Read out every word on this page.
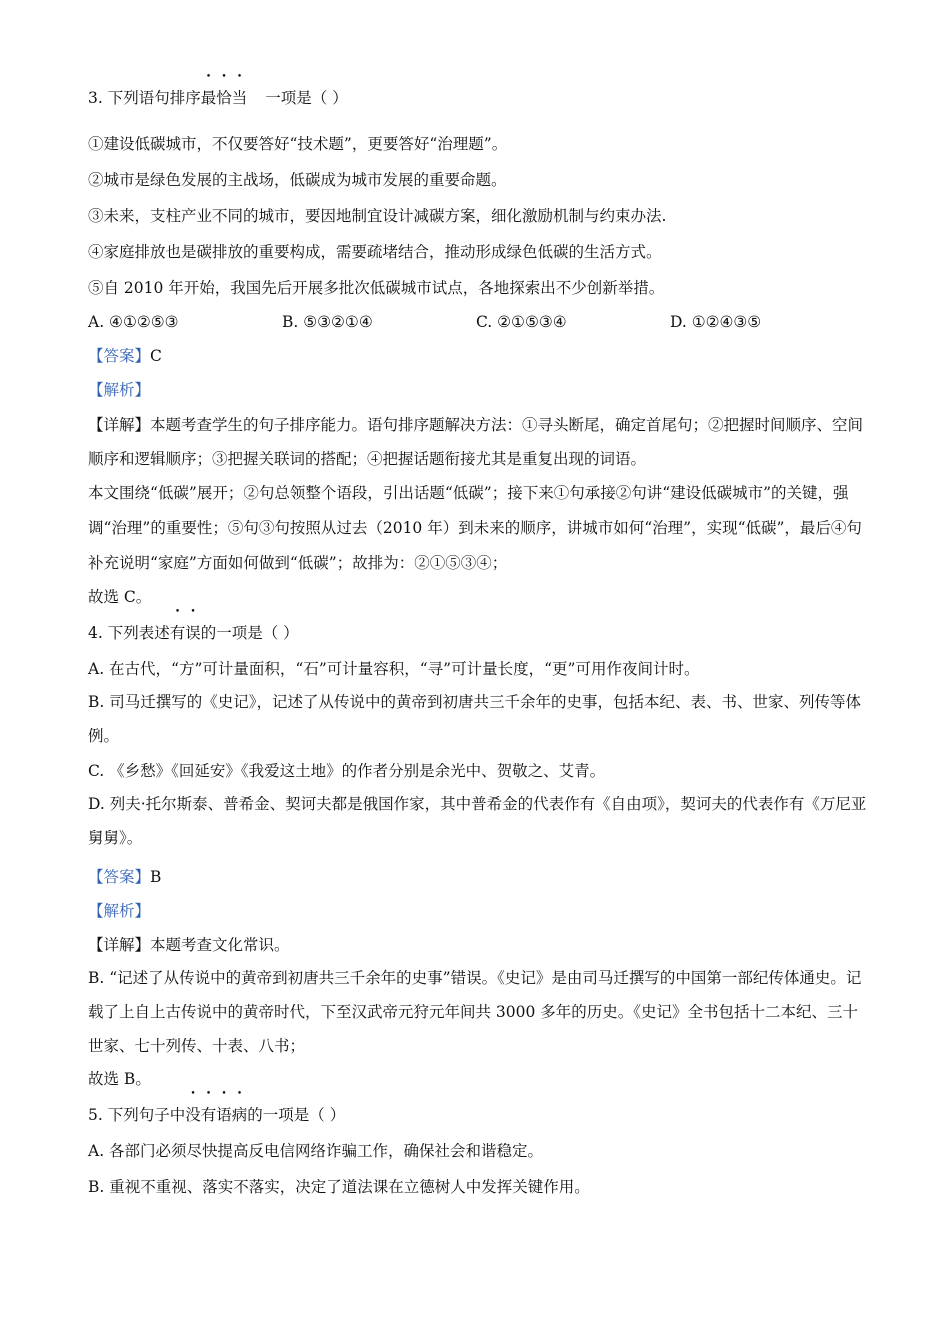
3. 下列语句排序最恰当 一项是（ ）
①建设低碳城市，不仅要答好“技术题”，更要答好“治理题”。
②城市是绿色发展的主战场，低碳成为城市发展的重要命题。
③未来，支柱产业不同的城市，要因地制宜设计减碳方案，细化激励机制与约束办法.
④家庭排放也是碳排放的重要构成，需要疏堵结合，推动形成绿色低碳的生活方式。
⑤自 2010 年开始，我国先后开展多批次低碳城市试点，各地探索出不少创新举措。
A. ④①②⑤③	B. ⑤③②①④	C. ②①⑤③④	D. ①②④③⑤
【答案】C
【解析】
【详解】本题考查学生的句子排序能力。语句排序题解决方法：①寻头断尾，确定首尾句；②把握时间顺序、空间顺序和逻辑顺序；③把握关联词的搭配；④把握话题衔接尤其是重复出现的词语。
本文围绕“低碳”展开；②句总领整个语段，引出话题“低碳”；接下来①句承接②句讲“建设低碳城市”的关键，强调“治理”的重要性；⑤句③句按照从过去（2010 年）到未来的顺序，讲城市如何“治理”，实现“低碳”，最后④句补充说明“家庭”方面如何做到“低碳”；故排为：②①⑤③④；
故选 C。
4. 下列表述有误的一项是（ ）
A. 在古代，“方”可计量面积，“石”可计量容积，“寻”可计量长度，“更”可用作夜间计时。
B. 司马迁撰写的《史记》，记述了从传说中的黄帝到初唐共三千余年的史事，包括本纪、表、书、世家、列传等体例。
C. 《乡愁》《回延安》《我爱这土地》的作者分别是余光中、贺敬之、艾青。
D. 列夫·托尔斯泰、普希金、契诃夫都是俄国作家，其中普希金的代表作有《自由项》，契诃夫的代表作有《万尼亚舅舅》。
【答案】B
【解析】
【详解】本题考查文化常识。
B. “记述了从传说中的黄帝到初唐共三千余年的史事”错误。《史记》是由司马迁撰写的中国第一部纪传体通史。记载了上自上古传说中的黄帝时代，下至汉武帝元狩元年间共 3000 多年的历史。《史记》全书包括十二本纪、三十世家、七十列传、十表、八书；
故选 B。
5. 下列句子中没有语病的一项是（ ）
A. 各部门必须尽快提高反电信网络诈骗工作，确保社会和谐稳定。
B. 重视不重视、落实不落实，决定了道法课在立德树人中发挥关键作用。
